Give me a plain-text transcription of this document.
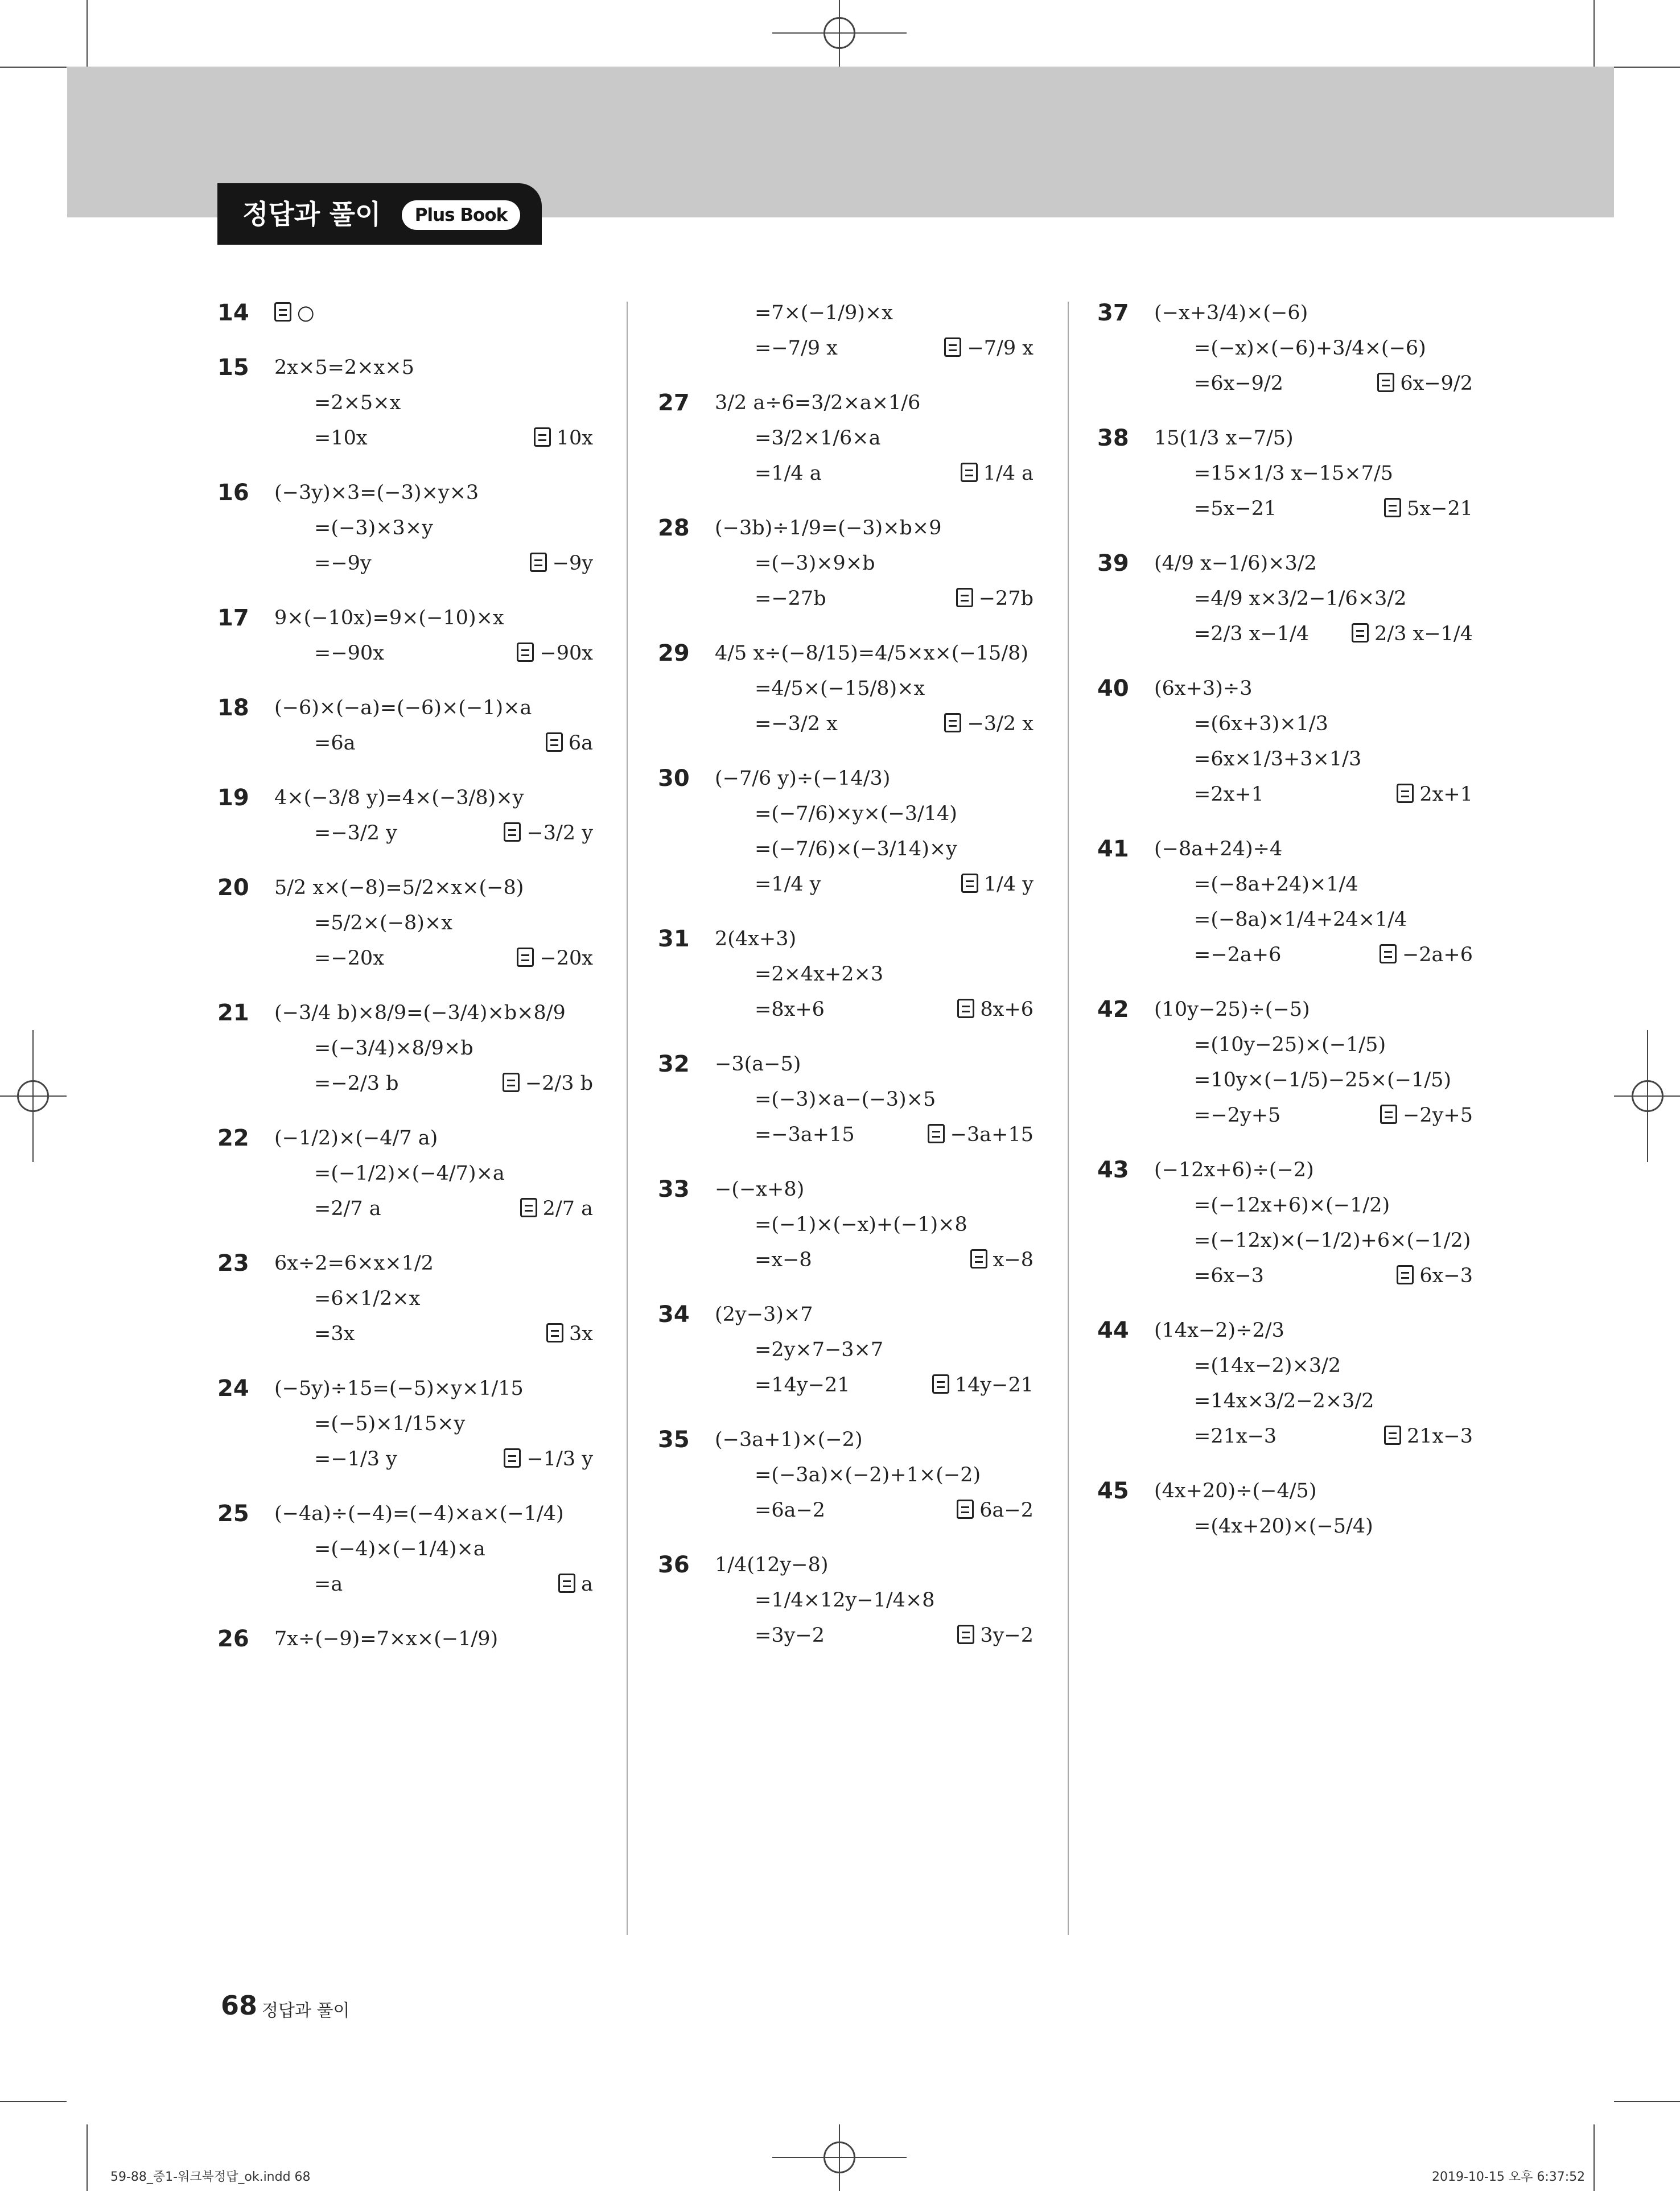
정답과 풀이	Plus Book
14	○
15 2x×5=2×x×5
=2×5×x
=10x	10x
16 (−3y)×3=(−3)×y×3
=(−3)×3×y
=−9y	−9y
17 9×(−10x)=9×(−10)×x
=−90x	−90x
18 (−6)×(−a)=(−6)×(−1)×a
=6a	6a
19 4×(−3/8 y)=4×(−3/8)×y
=−3/2 y	−3/2 y
20 5/2 x×(−8)=5/2×x×(−8)
=5/2×(−8)×x
=−20x	−20x
21 (−3/4 b)×8/9=(−3/4)×b×8/9
=(−3/4)×8/9×b
=−2/3 b	−2/3 b
22 (−1/2)×(−4/7 a)
=(−1/2)×(−4/7)×a
=2/7 a	2/7 a
23 6x÷2=6×x×1/2
=6×1/2×x
=3x	3x
24 (−5y)÷15=(−5)×y×1/15
=(−5)×1/15×y
=−1/3 y	−1/3 y
25 (−4a)÷(−4)=(−4)×a×(−1/4)
=(−4)×(−1/4)×a
=a	a
26 7x÷(−9)=7×x×(−1/9)
=7×(−1/9)×x
=−7/9 x	−7/9 x
27 3/2 a÷6=3/2×a×1/6
=3/2×1/6×a
=1/4 a	1/4 a
28 (−3b)÷1/9=(−3)×b×9
=(−3)×9×b
=−27b	−27b
29 4/5 x÷(−8/15)=4/5×x×(−15/8)
=4/5×(−15/8)×x
=−3/2 x	−3/2 x
30 (−7/6 y)÷(−14/3)
=(−7/6)×y×(−3/14)
=(−7/6)×(−3/14)×y
=1/4 y	1/4 y
31 2(4x+3)
=2×4x+2×3
=8x+6	8x+6
32 −3(a−5)
=(−3)×a−(−3)×5
=−3a+15	−3a+15
33 −(−x+8)
=(−1)×(−x)+(−1)×8
=x−8	x−8
34 (2y−3)×7
=2y×7−3×7
=14y−21	14y−21
35 (−3a+1)×(−2)
=(−3a)×(−2)+1×(−2)
=6a−2	6a−2
36 1/4(12y−8)
=1/4×12y−1/4×8
=3y−2	3y−2
37 (−x+3/4)×(−6)
=(−x)×(−6)+3/4×(−6)
=6x−9/2	6x−9/2
38 15(1/3 x−7/5)
=15×1/3 x−15×7/5
=5x−21	5x−21
39 (4/9 x−1/6)×3/2
=4/9 x×3/2−1/6×3/2
=2/3 x−1/4	2/3 x−1/4
40 (6x+3)÷3
=(6x+3)×1/3
=6x×1/3+3×1/3
=2x+1	2x+1
41 (−8a+24)÷4
=(−8a+24)×1/4
=(−8a)×1/4+24×1/4
=−2a+6	−2a+6
42 (10y−25)÷(−5)
=(10y−25)×(−1/5)
=10y×(−1/5)−25×(−1/5)
=−2y+5	−2y+5
43 (−12x+6)÷(−2)
=(−12x+6)×(−1/2)
=(−12x)×(−1/2)+6×(−1/2)
=6x−3	6x−3
44 (14x−2)÷2/3
=(14x−2)×3/2
=14x×3/2−2×3/2
=21x−3	21x−3
45 (4x+20)÷(−4/5)
=(4x+20)×(−5/4)
68 정답과 풀이
59-88_중1-워크북정답_ok.indd 68	2019-10-15 오후 6:37:52
